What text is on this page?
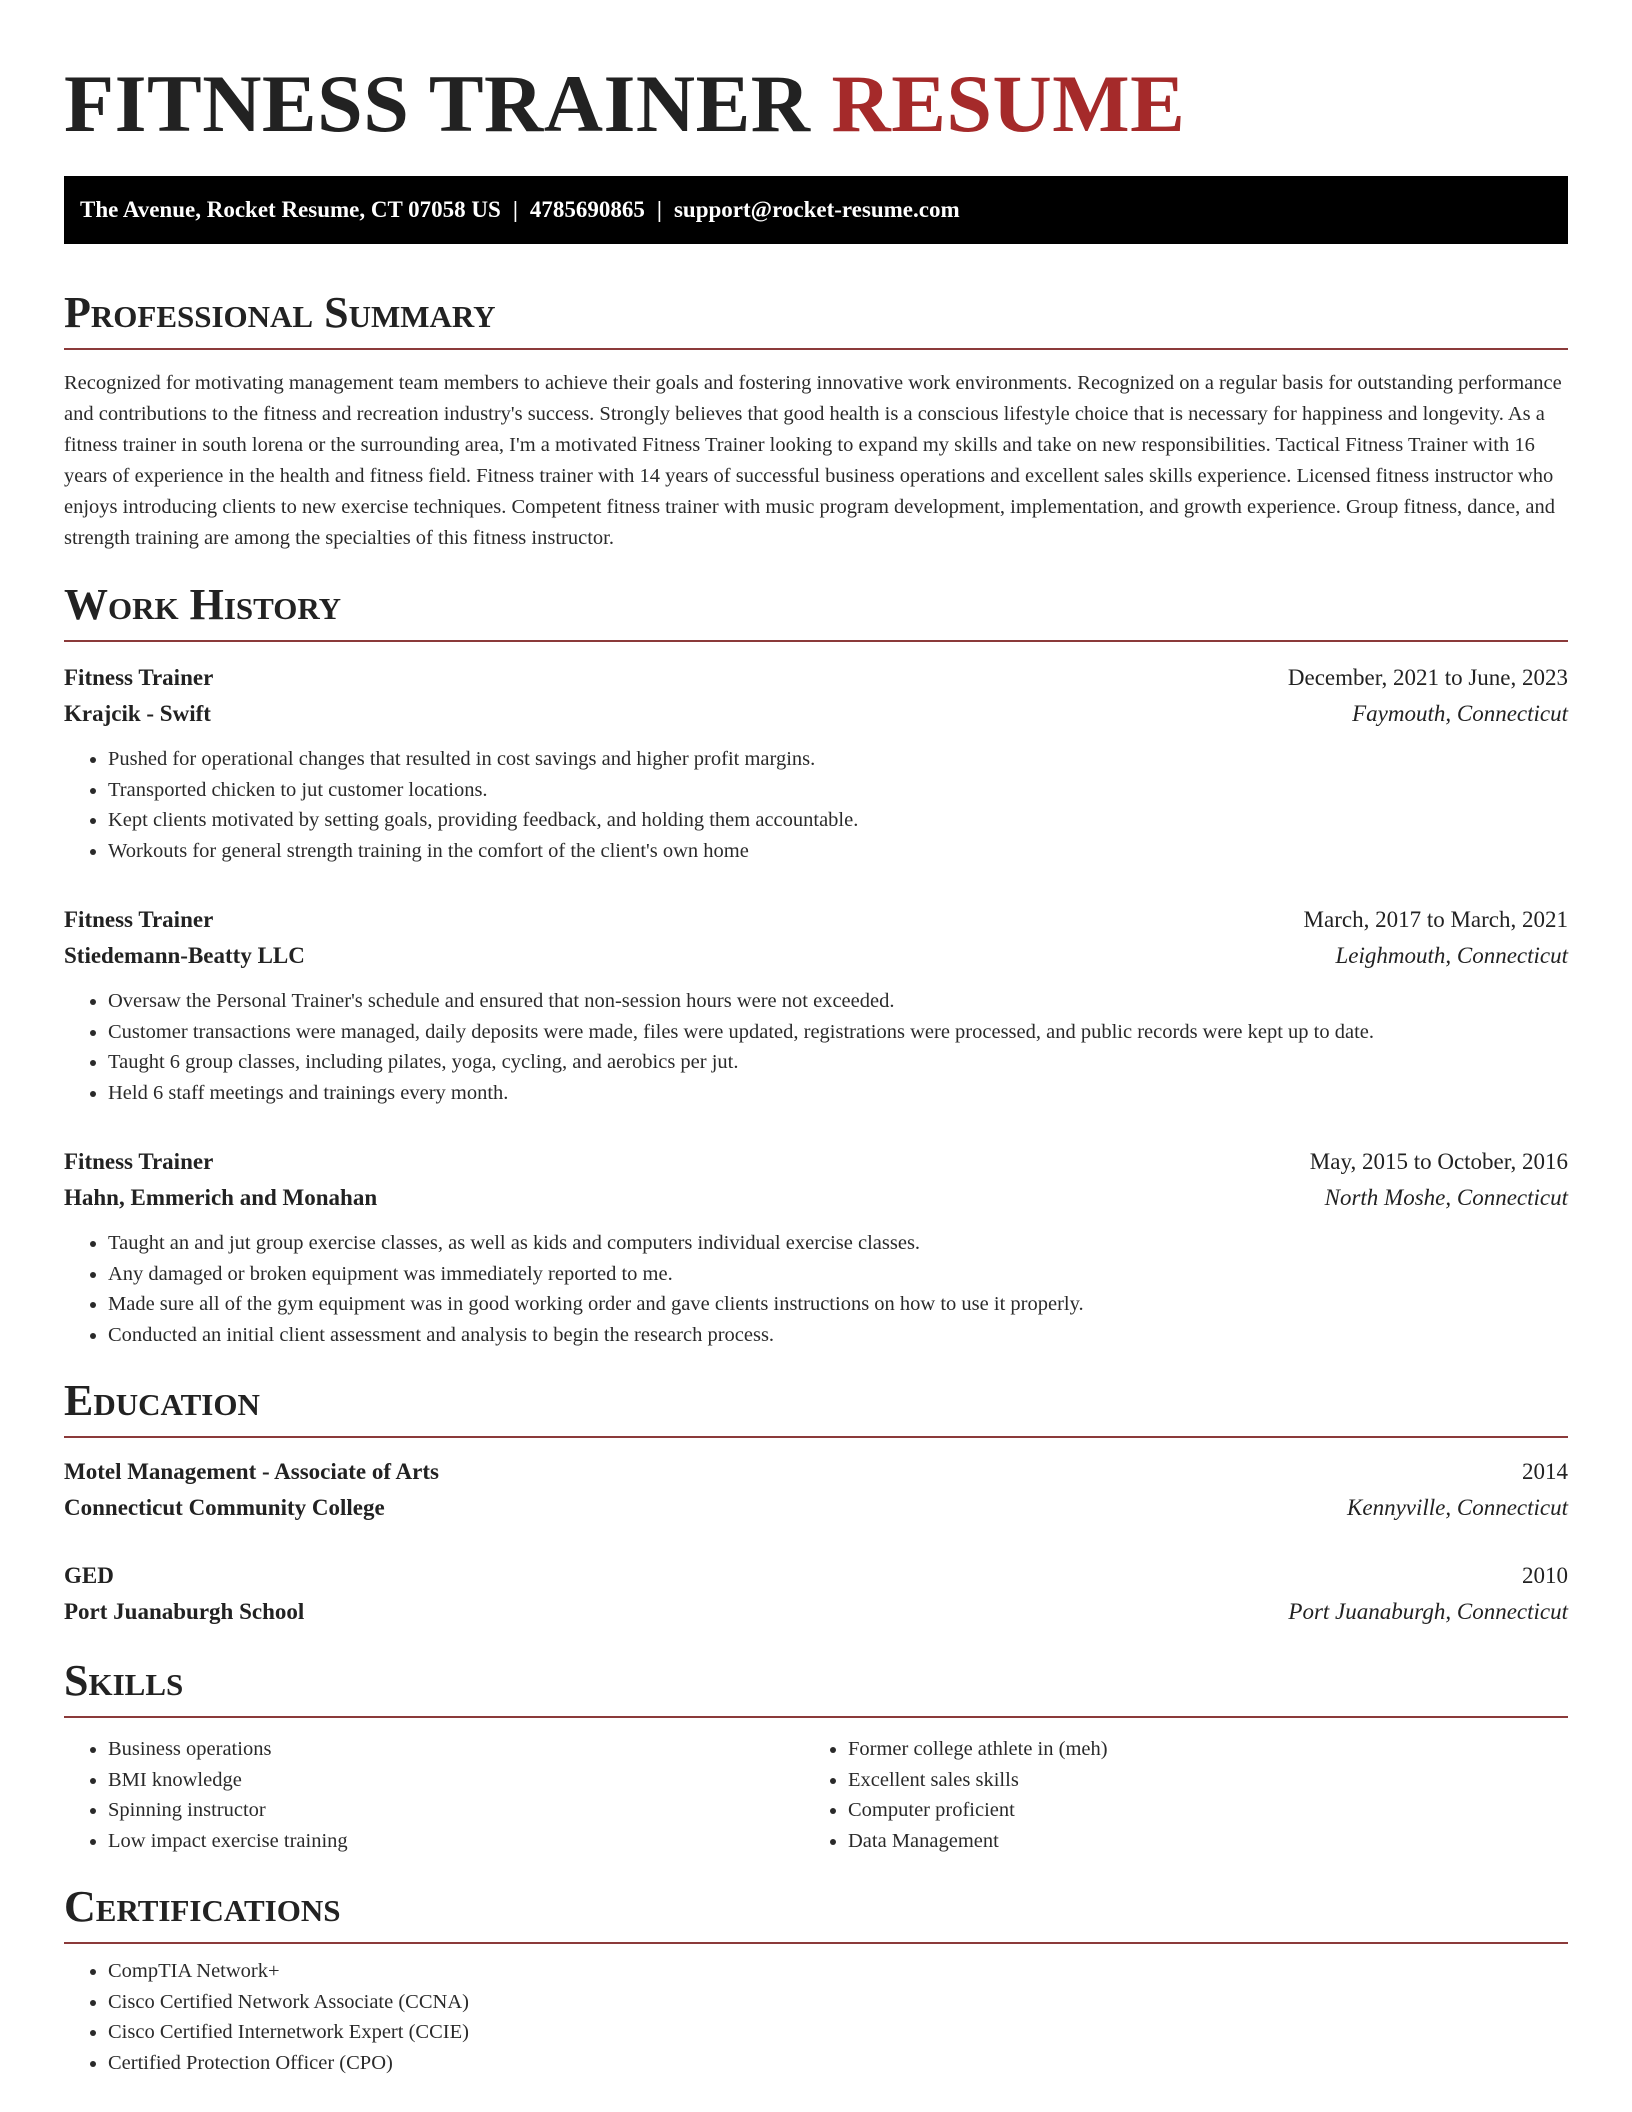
FITNESS TRAINER RESUME
The Avenue, Rocket Resume, CT 07058 US | 4785690865 | support@rocket-resume.com
Professional Summary

Recognized for motivating management team members to achieve their goals and fostering innovative work environments. Recognized on a regular basis for outstanding performance and contributions to the fitness and recreation industry's success. Strongly believes that good health is a conscious lifestyle choice that is necessary for happiness and longevity. As a fitness trainer in south lorena or the surrounding area, I'm a motivated Fitness Trainer looking to expand my skills and take on new responsibilities. Tactical Fitness Trainer with 16 years of experience in the health and fitness field. Fitness trainer with 14 years of successful business operations and excellent sales skills experience. Licensed fitness instructor who enjoys introducing clients to new exercise techniques. Competent fitness trainer with music program development, implementation, and growth experience. Group fitness, dance, and strength training are among the specialties of this fitness instructor.

Work History
Fitness Trainer	December, 2021 to June, 2023
Krajcik - Swift	Faymouth, Connecticut
• Pushed for operational changes that resulted in cost savings and higher profit margins.
• Transported chicken to jut customer locations.
• Kept clients motivated by setting goals, providing feedback, and holding them accountable.
• Workouts for general strength training in the comfort of the client's own home
Fitness Trainer	March, 2017 to March, 2021
Stiedemann-Beatty LLC	Leighmouth, Connecticut
• Oversaw the Personal Trainer's schedule and ensured that non-session hours were not exceeded.
• Customer transactions were managed, daily deposits were made, files were updated, registrations were processed, and public records were kept up to date.
• Taught 6 group classes, including pilates, yoga, cycling, and aerobics per jut.
• Held 6 staff meetings and trainings every month.
Fitness Trainer	May, 2015 to October, 2016
Hahn, Emmerich and Monahan	North Moshe, Connecticut
• Taught an and jut group exercise classes, as well as kids and computers individual exercise classes.
• Any damaged or broken equipment was immediately reported to me.
• Made sure all of the gym equipment was in good working order and gave clients instructions on how to use it properly.
• Conducted an initial client assessment and analysis to begin the research process.
Education
Motel Management - Associate of Arts	2014
Connecticut Community College	Kennyville, Connecticut
GED	2010
Port Juanaburgh School	Port Juanaburgh, Connecticut
Skills
• Business operations
• BMI knowledge
• Spinning instructor
• Low impact exercise training
• Former college athlete in (meh)
• Excellent sales skills
• Computer proficient
• Data Management
Certifications
• CompTIA Network+
• Cisco Certified Network Associate (CCNA)
• Cisco Certified Internetwork Expert (CCIE)
• Certified Protection Officer (CPO)
